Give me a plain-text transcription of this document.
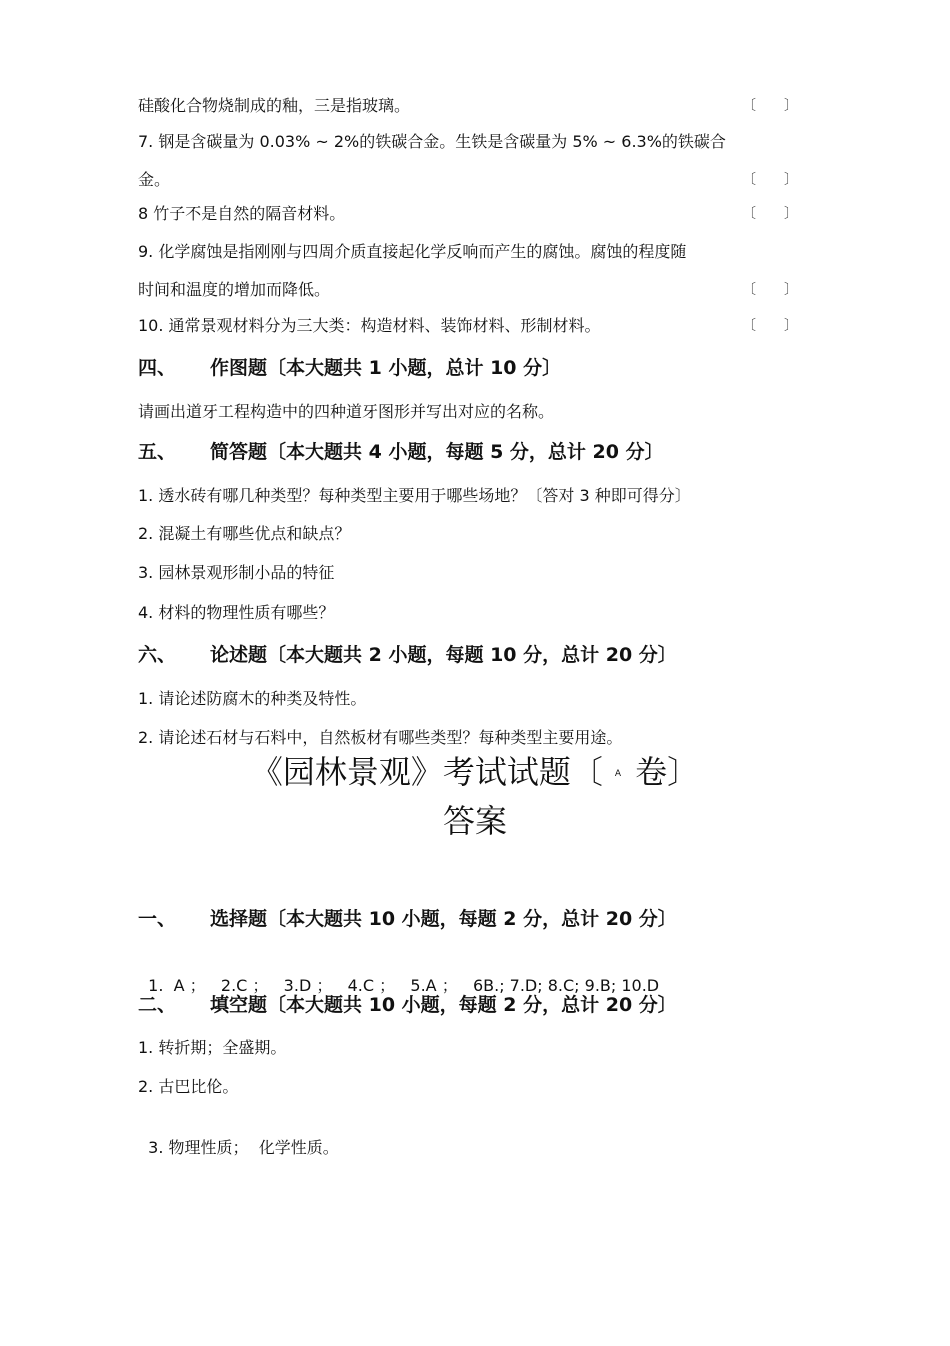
硅酸化合物烧制成的釉，三是指玻璃。	〔　　〕
7. 钢是含碳量为 0.03% ~ 2%的铁碳合金。生铁是含碳量为 5% ~ 6.3%的铁碳合
金。	〔　　〕
8 竹子不是自然的隔音材料。	〔　　〕
9. 化学腐蚀是指刚刚与四周介质直接起化学反响而产生的腐蚀。腐蚀的程度随
时间和温度的增加而降低。	〔　　〕
10. 通常景观材料分为三大类：构造材料、装饰材料、形制材料。	〔　　〕
四、 作图题〔本大题共 1 小题，总计 10 分〕
请画出道牙工程构造中的四种道牙图形并写出对应的名称。
五、 简答题〔本大题共 4 小题，每题 5 分，总计 20 分〕
1. 透水砖有哪几种类型？每种类型主要用于哪些场地？〔答对 3 种即可得分〕
2. 混凝土有哪些优点和缺点？
3. 园林景观形制小品的特征
4. 材料的物理性质有哪些？
六、 论述题〔本大题共 2 小题，每题 10 分，总计 20 分〕
1. 请论述防腐木的种类及特性。
2. 请论述石材与石料中，自然板材有哪些类型？每种类型主要用途。
《园林景观》考试试题〔 A 卷〕
答案
一、 选择题〔本大题共 10 小题，每题 2 分，总计 20 分〕

1.  A ；   2.C ；   3.D ；   4.C ；   5.A ；   6B.; 7.D; 8.C; 9.B; 10.D

二、 填空题〔本大题共 10 小题，每题 2 分，总计 20 分〕
1. 转折期；全盛期。
2. 古巴比伦。

3. 物理性质；  化学性质。
